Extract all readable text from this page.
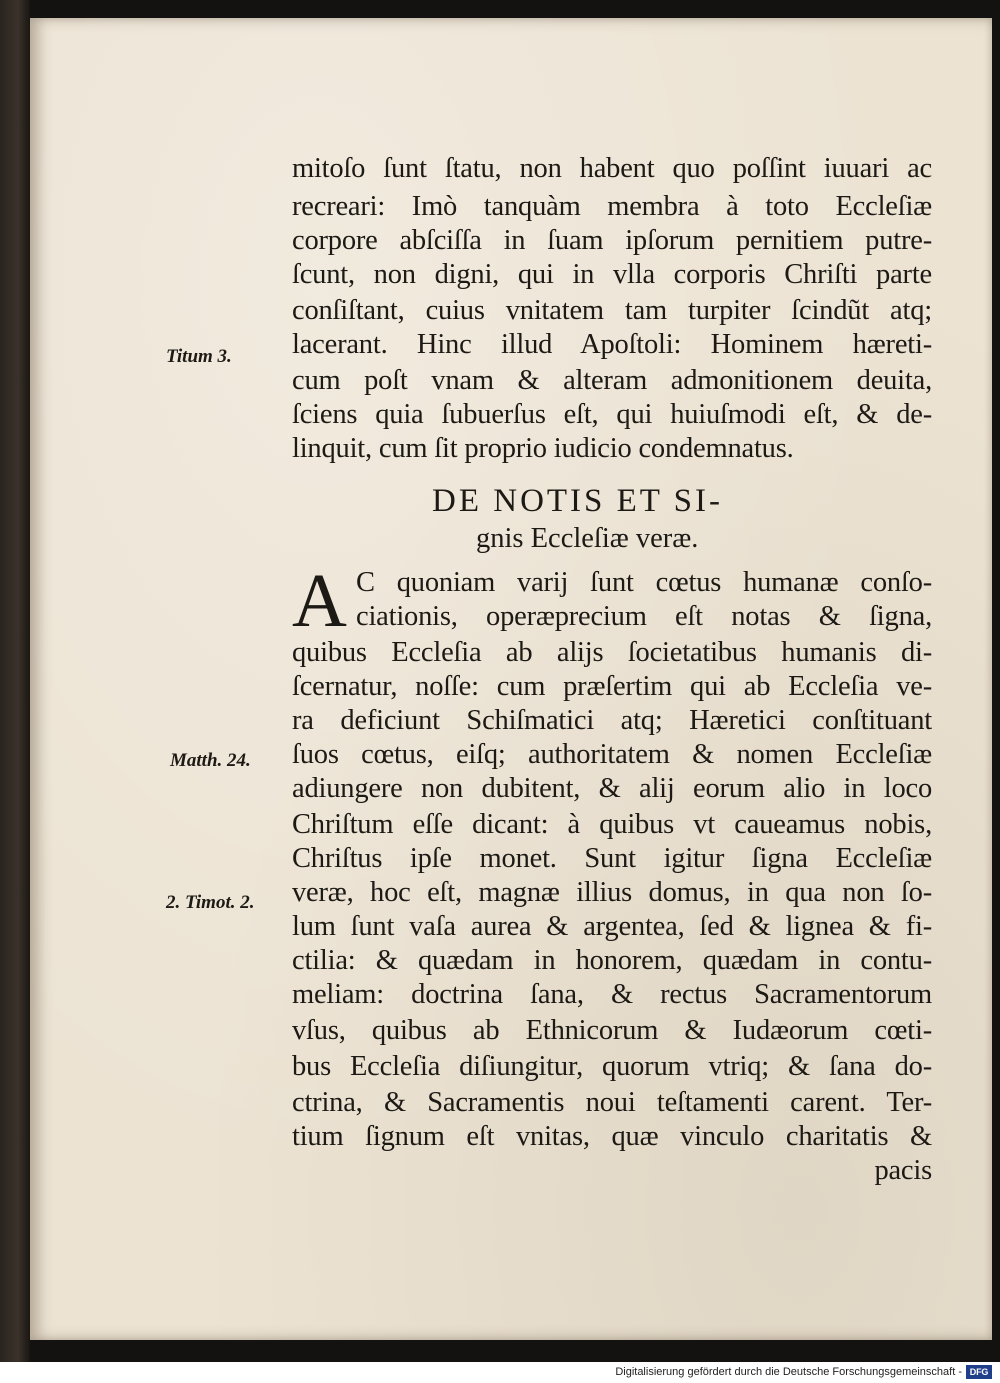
mitoſo ſunt ſtatu, non habent quo poſſint iuuari ac
recreari: Imò tanquàm membra à toto Eccleſiæ
corpore abſciſſa in ſuam ipſorum pernitiem putre-
ſcunt, non digni, qui in vlla corporis Chriſti parte
conſiſtant, cuius vnitatem tam turpiter ſcindũt atq;
lacerant. Hinc illud Apoſtoli: Hominem hæreti-
cum poſt vnam & alteram admonitionem deuita,
ſciens quia ſubuerſus eſt, qui huiuſmodi eſt, & de-
linquit, cum ſit proprio iudicio condemnatus.
DE NOTIS ET SI-
gnis Eccleſiæ veræ.
A C quoniam varij ſunt cœtus humanæ conſo-
ciationis, operæprecium eſt notas & ſigna,
quibus Eccleſia ab alijs ſocietatibus humanis di-
ſcernatur, noſſe: cum præſertim qui ab Eccleſia ve-
ra deficiunt Schiſmatici atq; Hæretici conſtituant
ſuos cœtus, eiſq; authoritatem & nomen Eccleſiæ
adiungere non dubitent, & alij eorum alio in loco
Chriſtum eſſe dicant: à quibus vt caueamus nobis,
Chriſtus ipſe monet. Sunt igitur ſigna Eccleſiæ
veræ, hoc eſt, magnæ illius domus, in qua non ſo-
lum ſunt vaſa aurea & argentea, ſed & lignea & fi-
ctilia: & quædam in honorem, quædam in contu-
meliam: doctrina ſana, & rectus Sacramentorum
vſus, quibus ab Ethnicorum & Iudæorum cœti-
bus Eccleſia diſiungitur, quorum vtriq; & ſana do-
ctrina, & Sacramentis noui teſtamenti carent. Ter-
tium ſignum eſt vnitas, quæ vinculo charitatis &
pacis
Titum 3.
Matth. 24.
2. Timot. 2.
Digitalisierung gefördert durch die Deutsche Forschungsgemeinschaft - DFG
